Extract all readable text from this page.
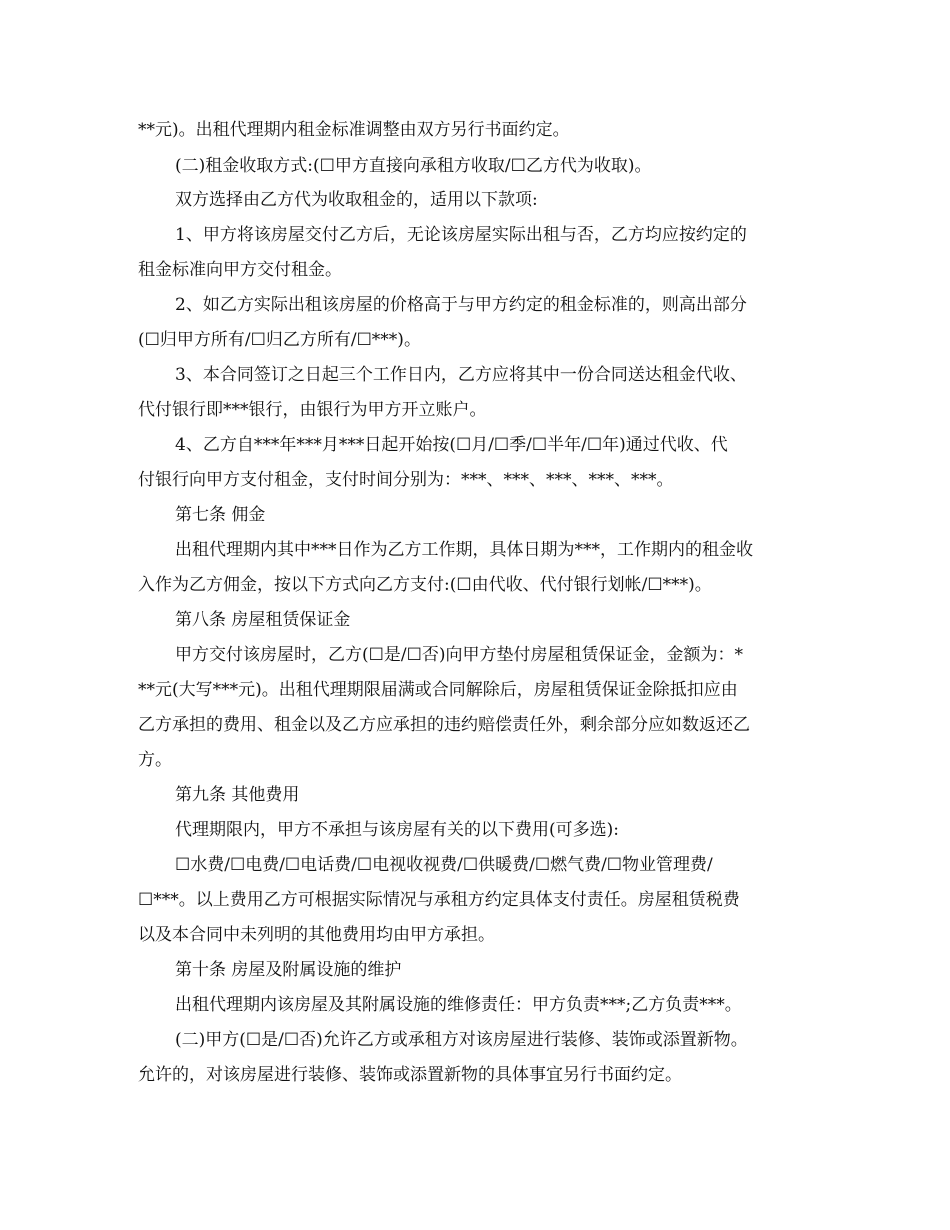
**元)。出租代理期内租金标准调整由双方另行书面约定。
(二)租金收取方式:(☐甲方直接向承租方收取/☐乙方代为收取)。
双方选择由乙方代为收取租金的，适用以下款项:
1、甲方将该房屋交付乙方后，无论该房屋实际出租与否，乙方均应按约定的
租金标准向甲方交付租金。
2、如乙方实际出租该房屋的价格高于与甲方约定的租金标准的，则高出部分
(☐归甲方所有/☐归乙方所有/☐***)。
3、本合同签订之日起三个工作日内，乙方应将其中一份合同送达租金代收、
代付银行即***银行，由银行为甲方开立账户。
4、乙方自***年***月***日起开始按(☐月/☐季/☐半年/☐年)通过代收、代
付银行向甲方支付租金，支付时间分别为：***、***、***、***、***。
第七条 佣金
出租代理期内其中***日作为乙方工作期，具体日期为***，工作期内的租金收
入作为乙方佣金，按以下方式向乙方支付:(☐由代收、代付银行划帐/☐***)。
第八条 房屋租赁保证金
甲方交付该房屋时，乙方(☐是/☐否)向甲方垫付房屋租赁保证金，金额为：*
**元(大写***元)。出租代理期限届满或合同解除后，房屋租赁保证金除抵扣应由
乙方承担的费用、租金以及乙方应承担的违约赔偿责任外，剩余部分应如数返还乙
方。
第九条 其他费用
代理期限内，甲方不承担与该房屋有关的以下费用(可多选):
☐水费/☐电费/☐电话费/☐电视收视费/☐供暖费/☐燃气费/☐物业管理费/
☐***。以上费用乙方可根据实际情况与承租方约定具体支付责任。房屋租赁税费
以及本合同中未列明的其他费用均由甲方承担。
第十条 房屋及附属设施的维护
出租代理期内该房屋及其附属设施的维修责任：甲方负责***;乙方负责***。
(二)甲方(☐是/☐否)允许乙方或承租方对该房屋进行装修、装饰或添置新物。
允许的，对该房屋进行装修、装饰或添置新物的具体事宜另行书面约定。
